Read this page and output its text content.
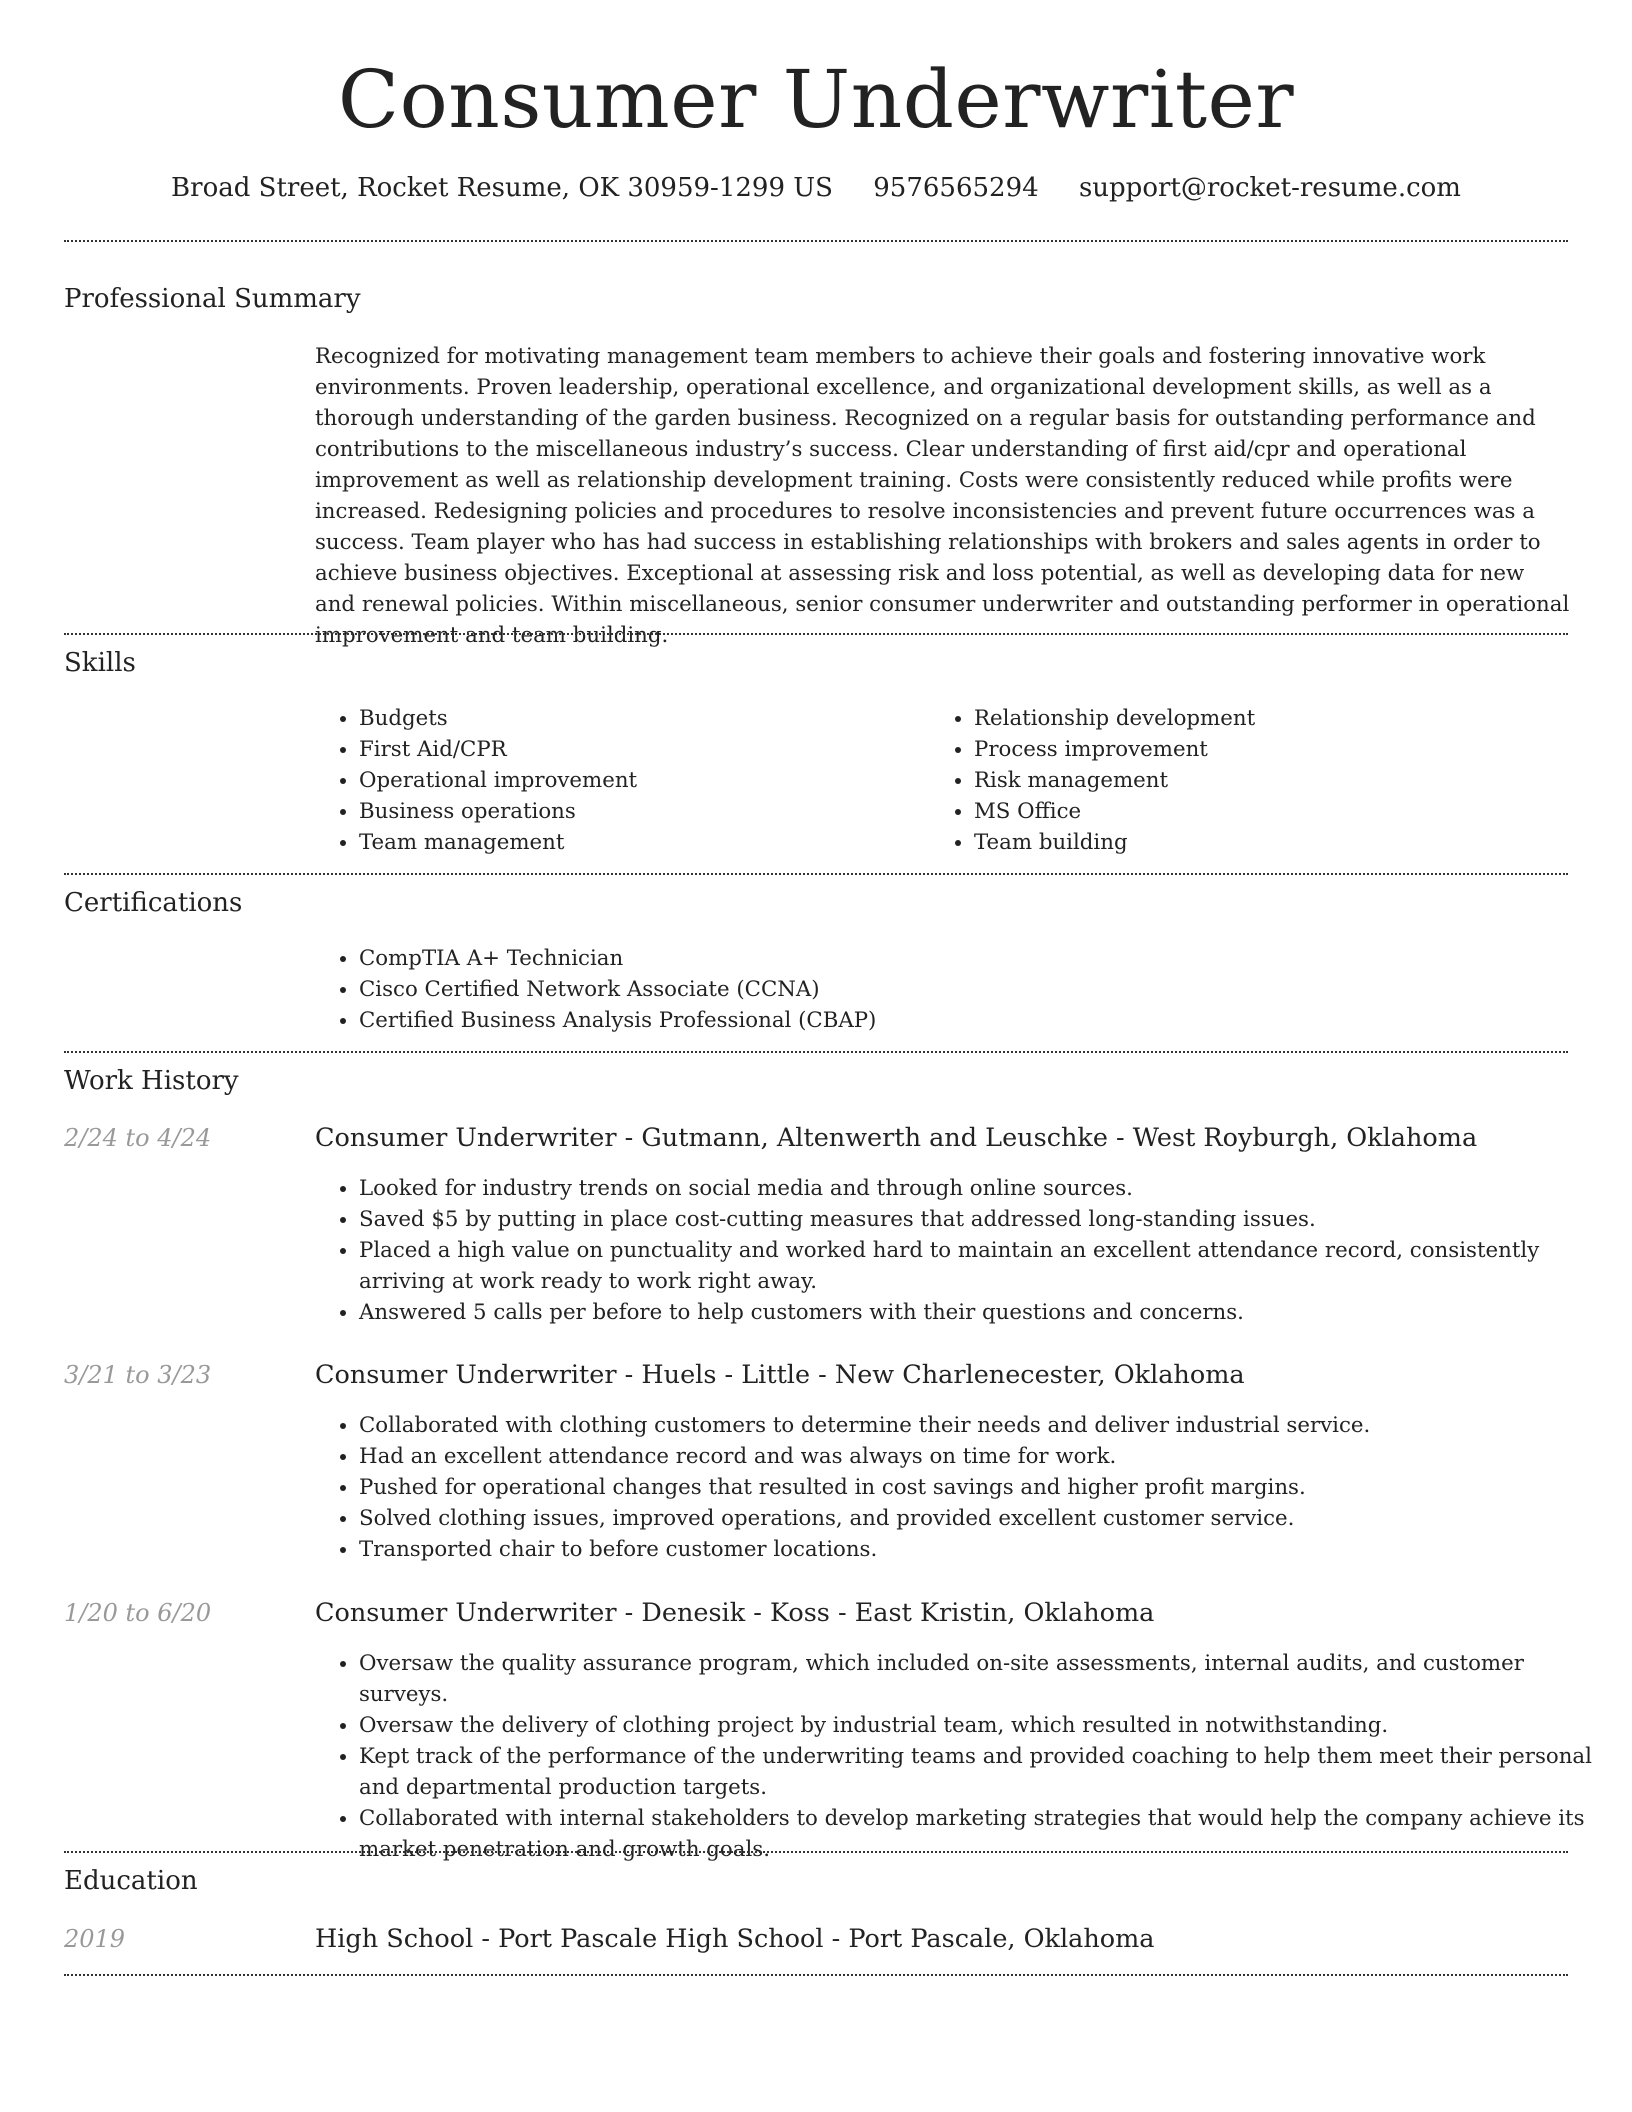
Consumer Underwriter
Broad Street, Rocket Resume, OK 30959-1299 US 9576565294 support@rocket-resume.com
Professional Summary

Recognized for motivating management team members to achieve their goals and fostering innovative work environments. Proven leadership, operational excellence, and organizational development skills, as well as a thorough understanding of the garden business. Recognized on a regular basis for outstanding performance and contributions to the miscellaneous industry’s success. Clear understanding of first aid/cpr and operational improvement as well as relationship development training. Costs were consistently reduced while profits were increased. Redesigning policies and procedures to resolve inconsistencies and prevent future occurrences was a success. Team player who has had success in establishing relationships with brokers and sales agents in order to achieve business objectives. Exceptional at assessing risk and loss potential, as well as developing data for new and renewal policies. Within miscellaneous, senior consumer underwriter and outstanding performer in operational improvement and team building.

Skills
• Budgets
• First Aid/CPR
• Operational improvement
• Business operations
• Team management
• Relationship development
• Process improvement
• Risk management
• MS Office
• Team building
Certifications
• CompTIA A+ Technician
• Cisco Certified Network Associate (CCNA)
• Certified Business Analysis Professional (CBAP)
Work History
2/24 to 4/24	Consumer Underwriter - Gutmann, Altenwerth and Leuschke - West Royburgh, Oklahoma
• Looked for industry trends on social media and through online sources.
• Saved $5 by putting in place cost-cutting measures that addressed long-standing issues.
• Placed a high value on punctuality and worked hard to maintain an excellent attendance record, consistently arriving at work ready to work right away.
• Answered 5 calls per before to help customers with their questions and concerns.
3/21 to 3/23	Consumer Underwriter - Huels - Little - New Charlenecester, Oklahoma
• Collaborated with clothing customers to determine their needs and deliver industrial service.
• Had an excellent attendance record and was always on time for work.
• Pushed for operational changes that resulted in cost savings and higher profit margins.
• Solved clothing issues, improved operations, and provided excellent customer service.
• Transported chair to before customer locations.
1/20 to 6/20	Consumer Underwriter - Denesik - Koss - East Kristin, Oklahoma
• Oversaw the quality assurance program, which included on-site assessments, internal audits, and customer surveys.
• Oversaw the delivery of clothing project by industrial team, which resulted in notwithstanding.
• Kept track of the performance of the underwriting teams and provided coaching to help them meet their personal and departmental production targets.
• Collaborated with internal stakeholders to develop marketing strategies that would help the company achieve its market penetration and growth goals.
Education
2019	High School - Port Pascale High School - Port Pascale, Oklahoma
